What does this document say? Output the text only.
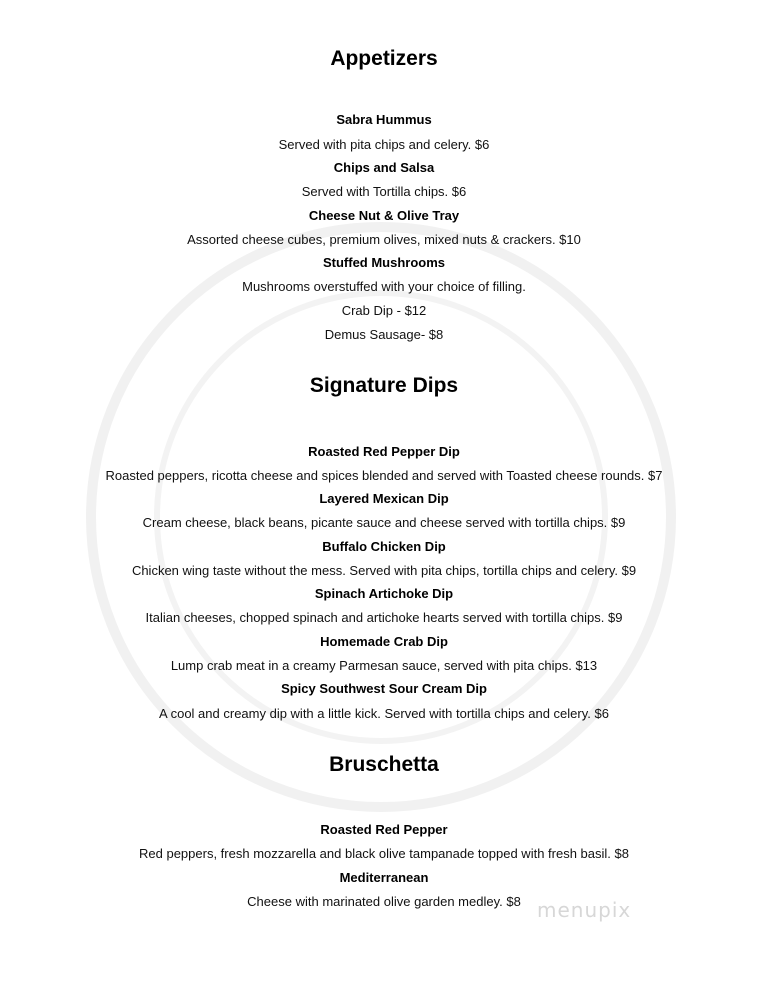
Appetizers

Sabra Hummus

Served with pita chips and celery. $6

Chips and Salsa

Served with Tortilla chips. $6

Cheese Nut & Olive Tray

Assorted cheese cubes, premium olives, mixed nuts & crackers. $10

Stuffed Mushrooms

Mushrooms overstuffed with your choice of filling.

Crab Dip - $12

Demus Sausage- $8

Signature Dips

Roasted Red Pepper Dip

Roasted peppers, ricotta cheese and spices blended and served with Toasted cheese rounds. $7

Layered Mexican Dip

Cream cheese, black beans, picante sauce and cheese served with tortilla chips. $9

Buffalo Chicken Dip

Chicken wing taste without the mess. Served with pita chips, tortilla chips and celery. $9

Spinach Artichoke Dip

Italian cheeses, chopped spinach and artichoke hearts served with tortilla chips. $9

Homemade Crab Dip

Lump crab meat in a creamy Parmesan sauce, served with pita chips. $13

Spicy Southwest Sour Cream Dip

A cool and creamy dip with a little kick. Served with tortilla chips and celery. $6

Bruschetta

Roasted Red Pepper

Red peppers, fresh mozzarella and black olive tampanade topped with fresh basil. $8

Mediterranean

Cheese with marinated olive garden medley. $8 menupix
